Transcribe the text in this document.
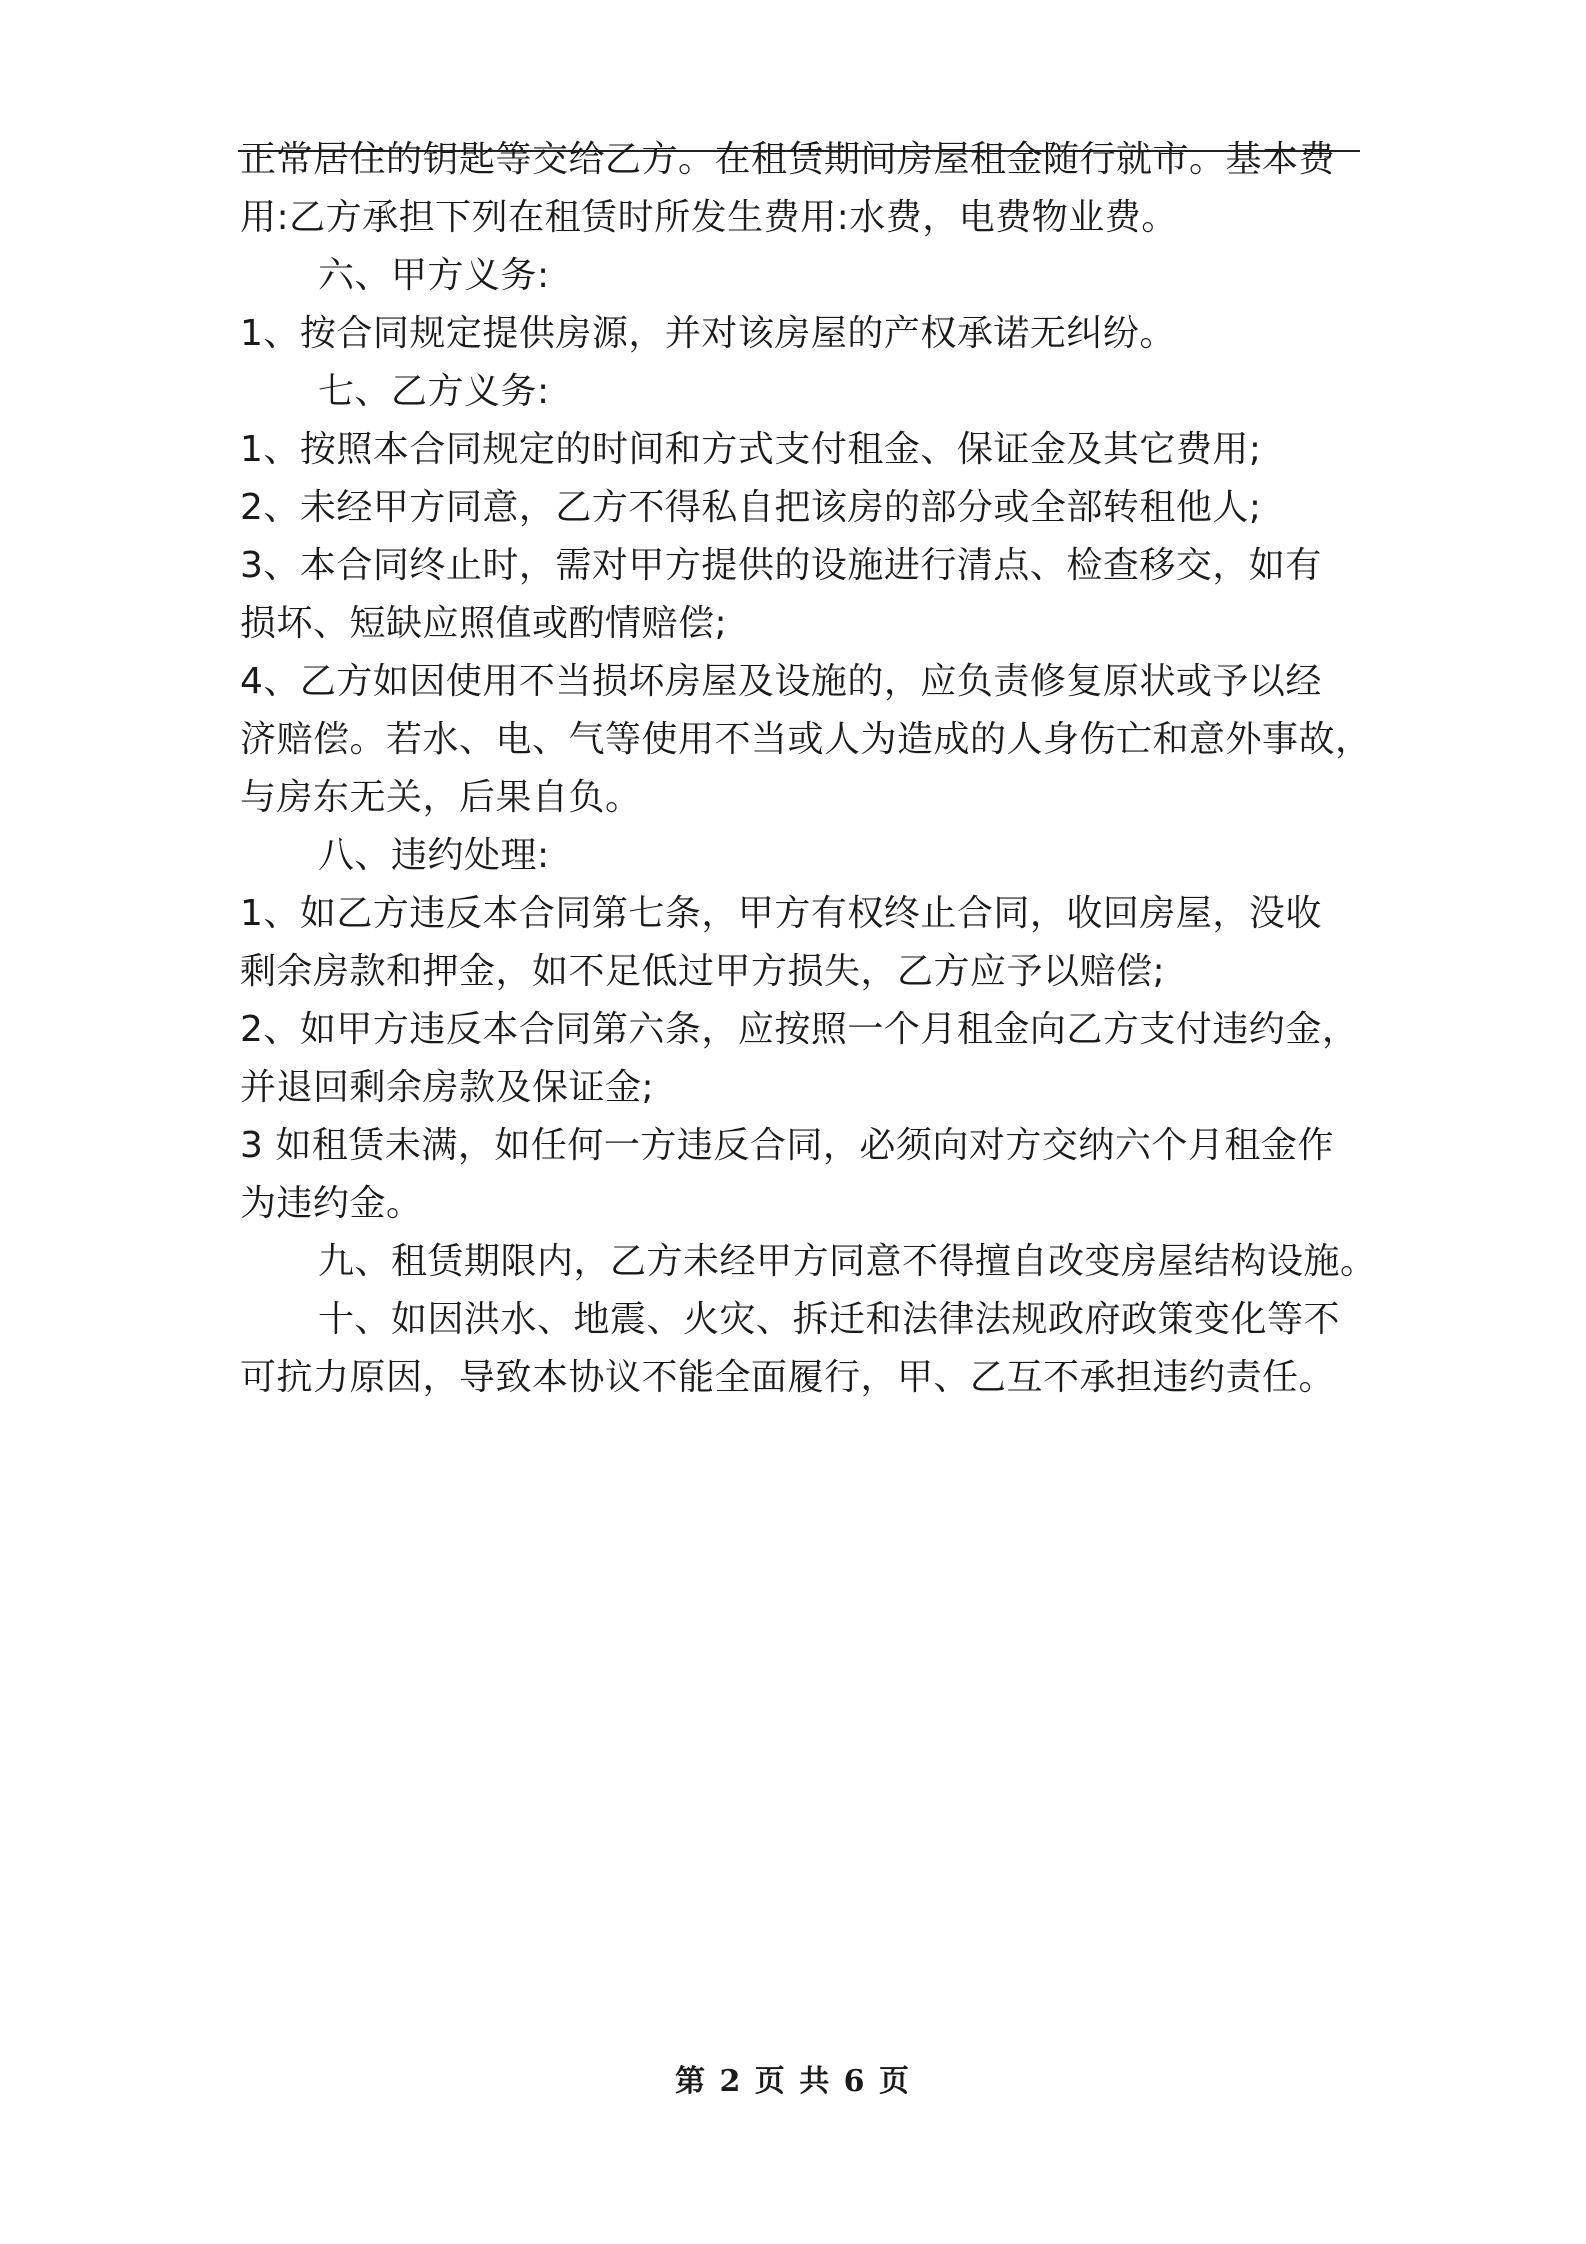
正常居住的钥匙等交给乙方。在租赁期间房屋租金随行就市。基本费
用:乙方承担下列在租赁时所发生费用:水费，电费物业费。
六、甲方义务:
1、按合同规定提供房源，并对该房屋的产权承诺无纠纷。
七、乙方义务:
1、按照本合同规定的时间和方式支付租金、保证金及其它费用;
2、未经甲方同意，乙方不得私自把该房的部分或全部转租他人;
3、本合同终止时，需对甲方提供的设施进行清点、检查移交，如有
损坏、短缺应照值或酌情赔偿;
4、乙方如因使用不当损坏房屋及设施的，应负责修复原状或予以经
济赔偿。若水、电、气等使用不当或人为造成的人身伤亡和意外事故，
与房东无关，后果自负。
八、违约处理:
1、如乙方违反本合同第七条，甲方有权终止合同，收回房屋，没收
剩余房款和押金，如不足低过甲方损失，乙方应予以赔偿;
2、如甲方违反本合同第六条，应按照一个月租金向乙方支付违约金，
并退回剩余房款及保证金;
3 如租赁未满，如任何一方违反合同，必须向对方交纳六个月租金作
为违约金。
九、租赁期限内，乙方未经甲方同意不得擅自改变房屋结构设施。
十、如因洪水、地震、火灾、拆迁和法律法规政府政策变化等不
可抗力原因，导致本协议不能全面履行，甲、乙互不承担违约责任。
第 2 页 共 6 页
